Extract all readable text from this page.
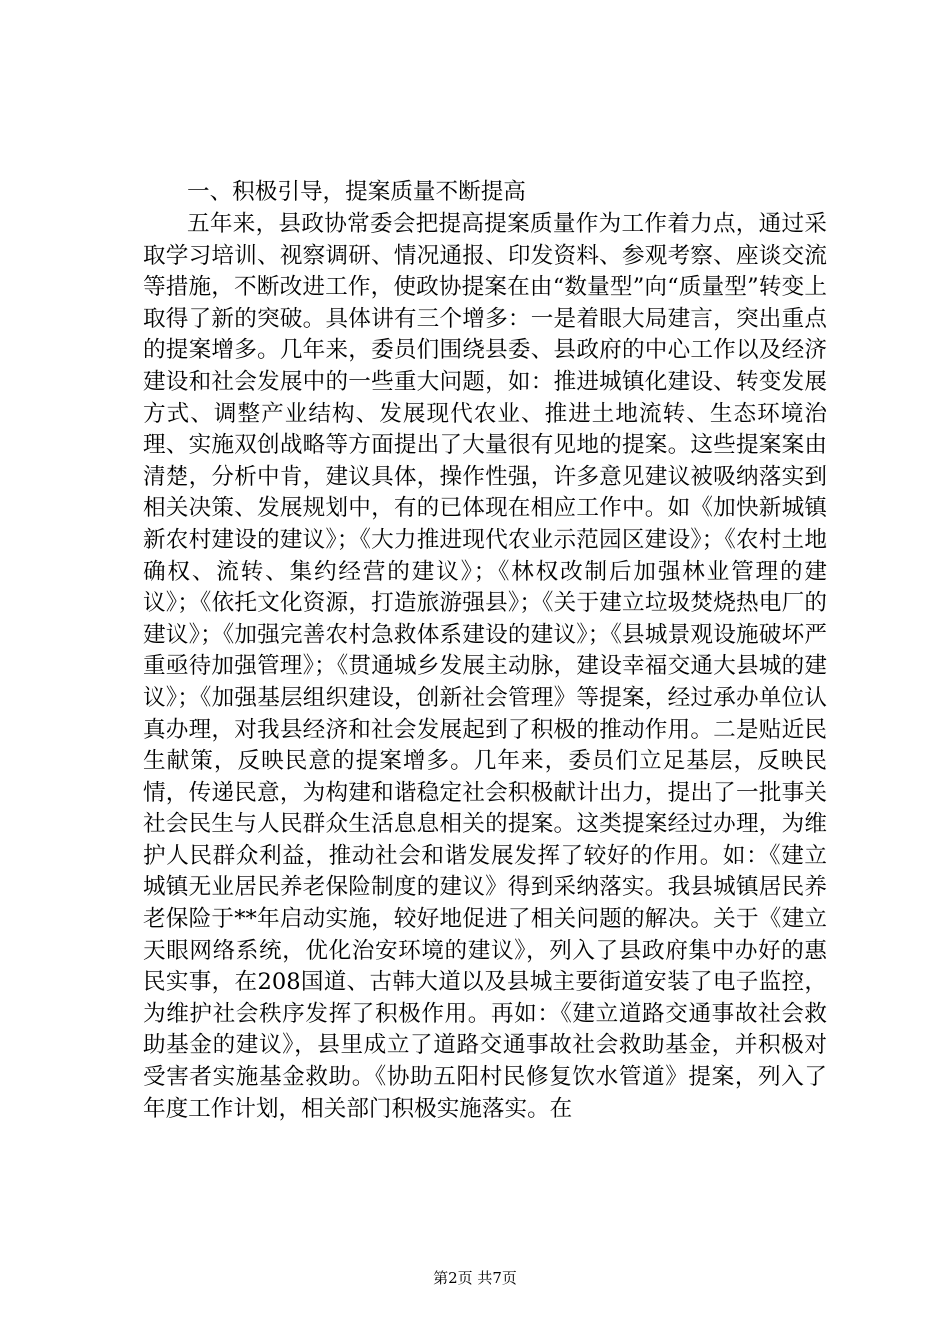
一、积极引导，提案质量不断提高

五年来，县政协常委会把提高提案质量作为工作着力点，通过采取学习培训、视察调研、情况通报、印发资料、参观考察、座谈交流等措施，不断改进工作，使政协提案在由“数量型”向“质量型”转变上取得了新的突破。具体讲有三个增多：一是着眼大局建言，突出重点的提案增多。几年来，委员们围绕县委、县政府的中心工作以及经济建设和社会发展中的一些重大问题，如：推进城镇化建设、转变发展方式、调整产业结构、发展现代农业、推进土地流转、生态环境治理、实施双创战略等方面提出了大量很有见地的提案。这些提案案由清楚，分析中肯，建议具体，操作性强，许多意见建议被吸纳落实到相关决策、发展规划中，有的已体现在相应工作中。如《加快新城镇新农村建设的建议》；《大力推进现代农业示范园区建设》；《农村土地确权、流转、集约经营的建议》；《林权改制后加强林业管理的建议》；《依托文化资源，打造旅游强县》；《关于建立垃圾焚烧热电厂的建议》；《加强完善农村急救体系建设的建议》；《县城景观设施破坏严重亟待加强管理》；《贯通城乡发展主动脉，建设幸福交通大县城的建议》；《加强基层组织建设，创新社会管理》等提案，经过承办单位认真办理，对我县经济和社会发展起到了积极的推动作用。二是贴近民生献策，反映民意的提案增多。几年来，委员们立足基层，反映民情，传递民意，为构建和谐稳定社会积极献计出力，提出了一批事关社会民生与人民群众生活息息相关的提案。这类提案经过办理，为维护人民群众利益，推动社会和谐发展发挥了较好的作用。如：《建立城镇无业居民养老保险制度的建议》得到采纳落实。我县城镇居民养老保险于**年启动实施，较好地促进了相关问题的解决。关于《建立天眼网络系统，优化治安环境的建议》，列入了县政府集中办好的惠民实事，在208国道、古韩大道以及县城主要街道安装了电子监控，为维护社会秩序发挥了积极作用。再如：《建立道路交通事故社会救助基金的建议》，县里成立了道路交通事故社会救助基金，并积极对受害者实施基金救助。《协助五阳村民修复饮水管道》提案，列入了年度工作计划，相关部门积极实施落实。在

第2页 共7页
